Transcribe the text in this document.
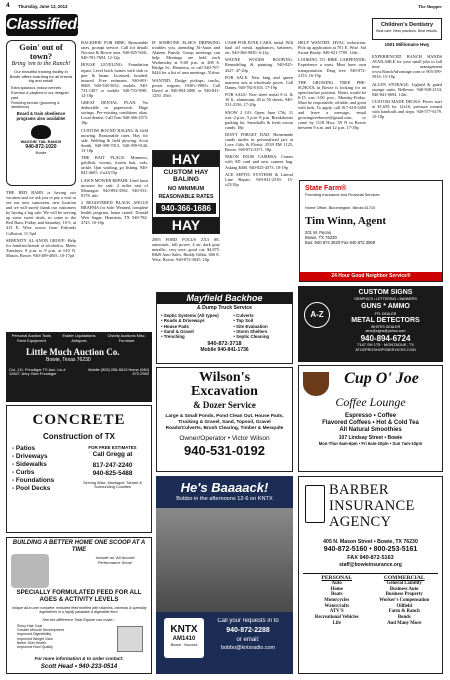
4 Thursday, June 13, 2013
Classifieds
The Shopper
Goin' out of town?
Bring 'em to the Ranch!
Our beautiful training facility in Bowie offers boarding for all breeds big and small!
Extra spacious, indoor kennels
Exercise & playtime in our designer yard
Finishing service (grooming & obedience)
Board & train obedience programs also available!
WAGGIN' TAIL RANCH
940-872-1020
Bowie

THE RED BARN is having our vacation and we ask you to pay a visit to see our new sunscreen, new location and we will surely thank our customers by having a big sale. We will be serving up some sweet deals, so come to the Red Barn, Friday and Saturday, 10-5, at 413 E. Wise across from Edwards Collision. 11-5pd

SERENITY AL-ANON GROUP: Help for families/friends of alcoholics. Meets Tuesdays, 8 p.m. to 9 p.m. at 610 N. Mason, Bowie. 940-389-4003. 10-17pd

BACKHOE FOR HIRE: Reasonable rates, prompt service. Call for details Nocona & Bowie area. 940-825-5041, 940-781-7694. 12-12p

HOUSE LEVELING: Foundation repair. Level brick homes with slab or pier & beam. Licensed, bonded, insured. Free estimates. 940-691-0668, 940-538-5652, mobile. 940-733-1307 or mobile 940-733-5981. 12-18p

GREAT DENTAL PLAN: No deductible or paperwork. Huge savings. Pre-existing conditions okay. Local dentist. Call Tom 940-366-2373. 18p

CUSTOM ROUND BALING & field mowing. Reasonable rates. Hay for sale. Welding & field plowing. Scott Smith, 940-399-7013, 940-399-9146. 13-18p

THE BAIT PLACE: Minnows, goldfish, worms, frozen bait, rods, tackle. Quit wishing, go fishing. 940-841-4605. 2-n23/15p

LAWN MOWER REPAIR: Used lawn mowers for sale. 2 miles east of Montague. 940-894-3582, 940-531-8178. tnfc

2 REGISTERED BLACK ANGUS BRAFMA for Sale: Weaned, complete health program, home raised. Donald Weir Sugar, Henrietta, TX 940-782-4745. 16-18p

IF SOMEONE ELSE'S DRINKING troubles you, attending Al-Anon and Alateen Family Group meetings can help. Meetings are held each Wednesday at 8:00 p.m. at 208 S. Bridge St., Henrietta, or call 940-767-8444 for a list of area meetings. 51tfnw

WANTED: Dodge pickups, trucks, power wagons, 1940's-1980's. Call David at 940-894-2000 or 940-841-1250. 35tfc

HAY
CUSTOM HAY BALING
NO MINIMUM
REASONABLE RATES
940-366-1686
HAY

2005 FORD FOCUS ZX3 SE, automatic, full power, 4 air, dark gray metallic, very nice, good car, $4,875. R&R Auto Sales, Buddy Gibbs, 606 E. Wise, Bowie. 940-872-3845. 18p

CASH FOR JUNK CARS, metal. Will haul off metal, appliances, batteries, etc. 940-366-9849. 6-21p

WAYNE WOODS ROOFING: Remodeling & painting. 940-825-4327. 47-20p

FOR SALE: New king and queen mattress sets at wholesale prices. Call Danny, 940-782-0103. 17-19p

FOR SALE: New sheet metal 8 ft. & 10 ft., aluminum, 40 to 50 sheets. 940-531-2156. 17-20p

SNOW 2 GO: Open: June 17th, 11 a.m.-2 p.m., 5 p.m.-8 p.m. Breakdowns parking lot. Snowballs & fresh cotton candy. 18p

DON'T FORGET DAD: Homemade candy turtles in personalized jars at Love Gifts & Florist. 2539 FM 1125, Bowie. 940-872-3371. 18p

NIKON D5100 CAMERA: Comes with SD card and new camera bag. Asking $400. 940-825-4573. 18-19p

ACE SEPTIC SYSTEMS & Lateral Line Repair. 940-841-2539. 13-s23/10p

HELP WANTED: HVAC technician. Pick up application at 701 E. Wise. Sal Swine Realty. 940-921-7709. 14tfc

LOOKING TO HIRE CARPENTER: Experience a must. Must have own transportation. Drug free. 940-872-2153. 16-19p

THE GROWING TREE PRE-SCHOOL in Bowie is looking for an open/teacher position. Hours would be 6:15 a.m.-1:00 p.m., Monday-Friday. Must be responsible, reliable, and great with kids. To apply, call 817-618-5460 and leave a message, email growingtreebowie@gmail.com, or come by 1118 Hwy. 59 N in Bowie between 9 a.m. and 12 p.m. 17-18p

Children's Dentistry
Best care. Best practices. Best results.
1501 Millionaire Hwy

EXPERIENCED RANCH HANDS AVAILABLE for your small jobs to full time management www.RanchAdvantage.com or 903-399-5916. 15-18p

ALLEN STORAGE: Lighted & gated storage units, Bellevue. 940-928-2154, 940-841-0694. 14tfc

CUSTOM MADE DECKS: Prices start at $1,659 for 12x16, pressure treated with handrails and steps. 940-577-6179. 15-18p

State Farm®
Providing Insurance and Financial Services
Home Office, Bloomington, Illinois 61710
Tim Winn, Agent
201 W. Pecan
Bowie, TX 76230
Bus: 940 872 2820 Fax 940 872 3569
24 Hour Good Neighbor Service®
Personal Auction Tools Farm Equipment
Estate Liquidations Antiques
Charity Auctions Misc. Furniture
Little Much Auction Co.
Bowie, Texas 76230
Col. J.D. Freudiger TX Auc. Lic # 12827 Jerry Glen Freudiger
Mobile (903) 256-5013 Home (940) 872-2952
Mayfield Backhoe
& Dump Truck Service
• Septic Systems (All types)
• Roads & Driveways
• House Pads
• Sand & Gravel
• Trenching
• Culverts
• Top Soil
• Site Evaluation
• Storm Shelters
• Septic Cleaning
940-872-3718
Mobile 940-841-1736
A-Z
CUSTOM SIGNS
GRAPHICS • LETTERING • BANNERS
GUNS * AMMO
FFL DEALER
METAL DETECTORS
WHITES DEALER
atoz@signs@yahoo.com
940-894-6724
7147 SH 175 · MONTAGUE, TX
ATOZPROSHOPSSERVICES.COM
CONCRETE
Construction of TX
- Patios
- Driveways
- Sidewalks
- Curbs
- Foundations
- Pool Decks
FOR FREE ESTIMATES
Call Gregg at
817-247-2240
940-825-5488
Serving Wise, Montague, Tarrant & Surrounding Counties
Wilson's
Excavation
& Dozer Service
Large & Small Ponds, Pond Clean Out, House Pads, Trucking & Gravel, Sand, Topsoil, Gravel Roads/Culverts, Brush Clearing, Timber & Mesquite
Owner/Operator • Victor Wilson
940-531-0192
Cup O' Joe
Coffee Lounge
Espresso • Coffee
Flavored Coffees • Hot & Cold Tea
All Natural Smoothies
107 Lindsay Street • Bowie
Mon-Thur 6am-6pm • Fri 6am-10pm • Sun 7am-10pm
He's Baaaack!
Bobbo in the afternoons 12-6 on KNTX
KNTX
AM1410
Bowie · Nocona
Call your requests in to
940-872-2288
or email:
bobbo@kntxradio.com
BARBER INSURANCE AGENCY
405 N. Mason Street • Bowie, TX 76230
940-872-5160 • 800-253-5161
FAX 940-872-5163
staff@bowieinsurance.org
PERSONAL
Auto
Home
Boats
Motorcycles
Watercrafts
ATV'S
Recreational Vehicles
Life
COMMERCIAL
General Liability
Business Auto
Business Property
Worker's Compensation
Oilfield
Farm & Ranch
Bonds
And Many More
BUILDING A BETTER HOME ONE SCOOP AT A TIME
Include an 'All Around Performance Show'
SPECIALLY FORMULATED FEED FOR ALL AGES & ACTIVITY LEVELS
Unique all-in-one complete, extruded feed fortified with vitamins, minerals & specialty ingredients in a highly palatable & digestible form.
See the difference Total Equine can make...
Shiny Hair Coat
Greater Muscle Development
Improved Digestibility
Improved Weight Gain
Better Skin Health
Improved Hoof Quality
For more information & to order contact:
Scott Head • 940-233-0514
